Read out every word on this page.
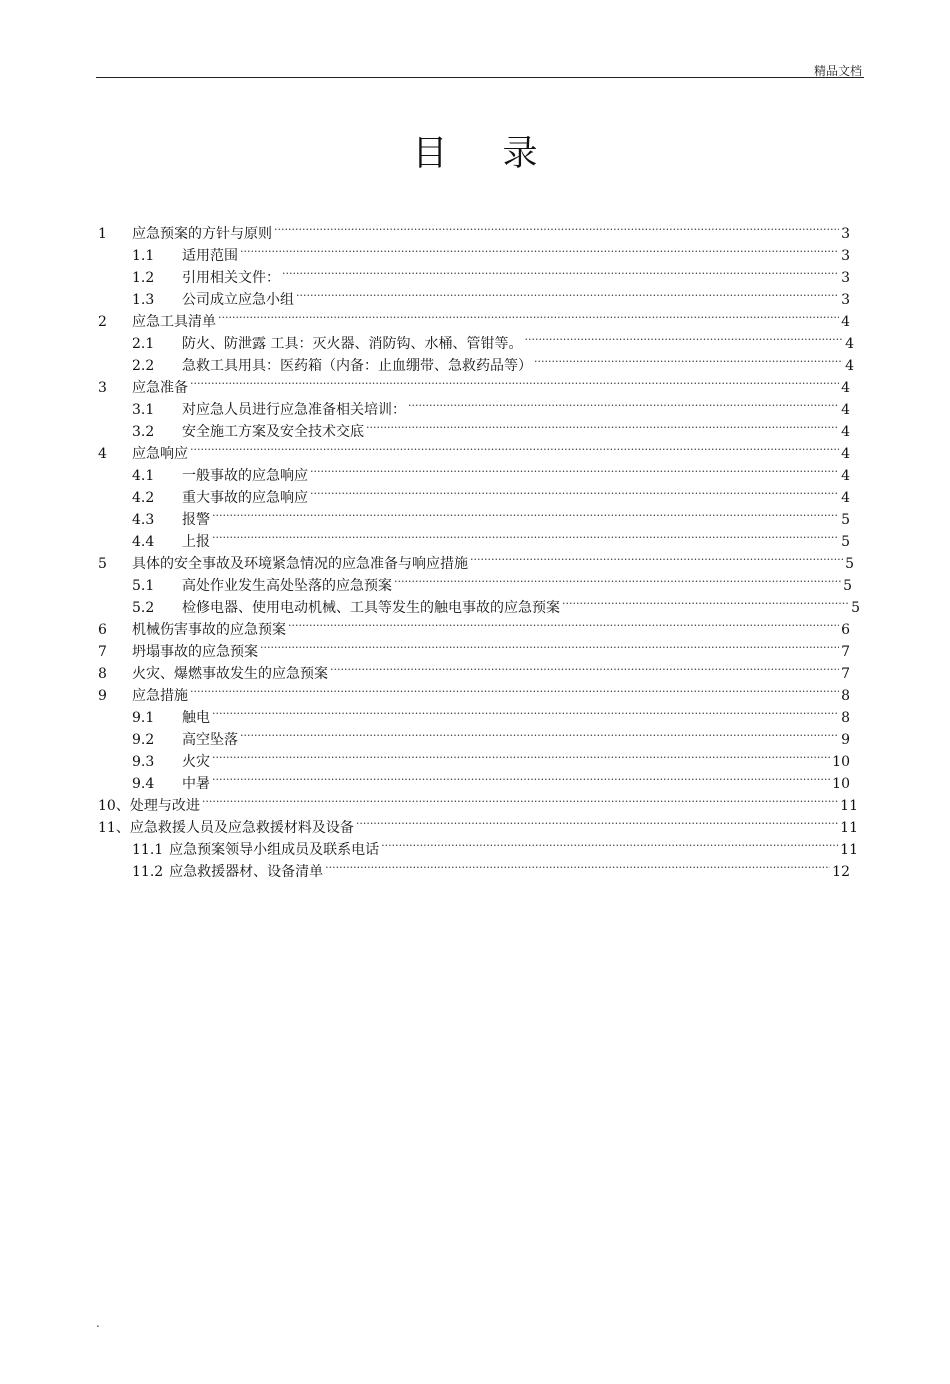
精品文档
目 录
1	应急预案的方针与原则 .....	3
1.1	适用范围 .....	3
1.2	引用相关文件： .....	3
1.3	公司成立应急小组 .....	3
2	应急工具清单 .....	4
2.1	防火、防泄露 工具：灭火器、消防钩、水桶、管钳等。 .....	4
2.2	急救工具用具：医药箱（内备：止血绷带、急救药品等） .....	4
3	应急准备 .....	4
3.1	对应急人员进行应急准备相关培训： .....	4
3.2	安全施工方案及安全技术交底 .....	4
4	应急响应 .....	4
4.1	一般事故的应急响应 .....	4
4.2	重大事故的应急响应 .....	4
4.3	报警 .....	5
4.4	上报 .....	5
5	具体的安全事故及环境紧急情况的应急准备与响应措施 .....	5
5.1	高处作业发生高处坠落的应急预案 .....	5
5.2	检修电器、使用电动机械、工具等发生的触电事故的应急预案 .....	5
6	机械伤害事故的应急预案 .....	6
7	坍塌事故的应急预案 .....	7
8	火灾、爆燃事故发生的应急预案 .....	7
9	应急措施 .....	8
9.1	触电 .....	8
9.2	高空坠落 .....	9
9.3	火灾 .....	10
9.4	中暑 .....	10
10、 处理与改进 .....	11
11、 应急救援人员及应急救援材料及设备 .....	11
11.1 应急预案领导小组成员及联系电话 .....	11
11.2 应急救援器材、设备清单 .....	12
.
